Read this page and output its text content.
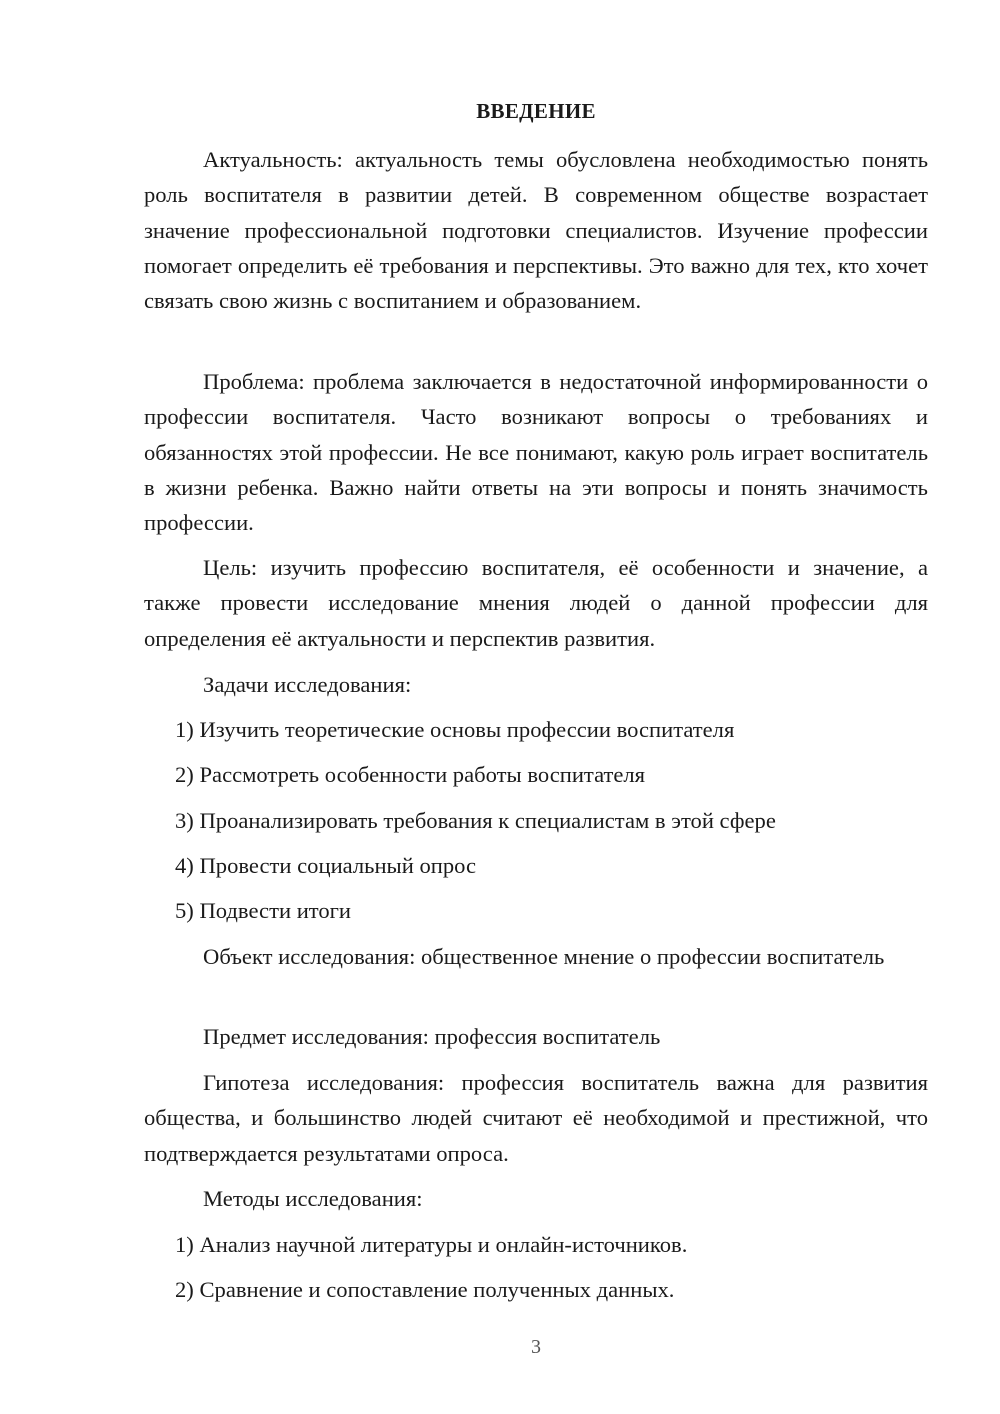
ВВЕДЕНИЕ

Актуальность: актуальность темы обусловлена необходимостью понять роль воспитателя в развитии детей. В современном обществе возрастает значение профессиональной подготовки специалистов. Изучение профессии помогает определить её требования и перспективы. Это важно для тех, кто хочет связать свою жизнь с воспитанием и образованием.

Проблема: проблема заключается в недостаточной информированности о профессии воспитателя. Часто возникают вопросы о требованиях и обязанностях этой профессии. Не все понимают, какую роль играет воспитатель в жизни ребенка. Важно найти ответы на эти вопросы и понять значимость профессии.

Цель: изучить профессию воспитателя, её особенности и значение, а также провести исследование мнения людей о данной профессии для определения её актуальности и перспектив развития.

Задачи исследования:

1) Изучить теоретические основы профессии воспитателя

2) Рассмотреть особенности работы воспитателя

3) Проанализировать требования к специалистам в этой сфере

4) Провести социальный опрос

5) Подвести итоги

Объект исследования: общественное мнение о профессии воспитатель

Предмет исследования: профессия воспитатель

Гипотеза исследования: профессия воспитатель важна для развития общества, и большинство людей считают её необходимой и престижной, что подтверждается результатами опроса.

Методы исследования:

1) Анализ научной литературы и онлайн-источников.

2) Сравнение и сопоставление полученных данных.

3
